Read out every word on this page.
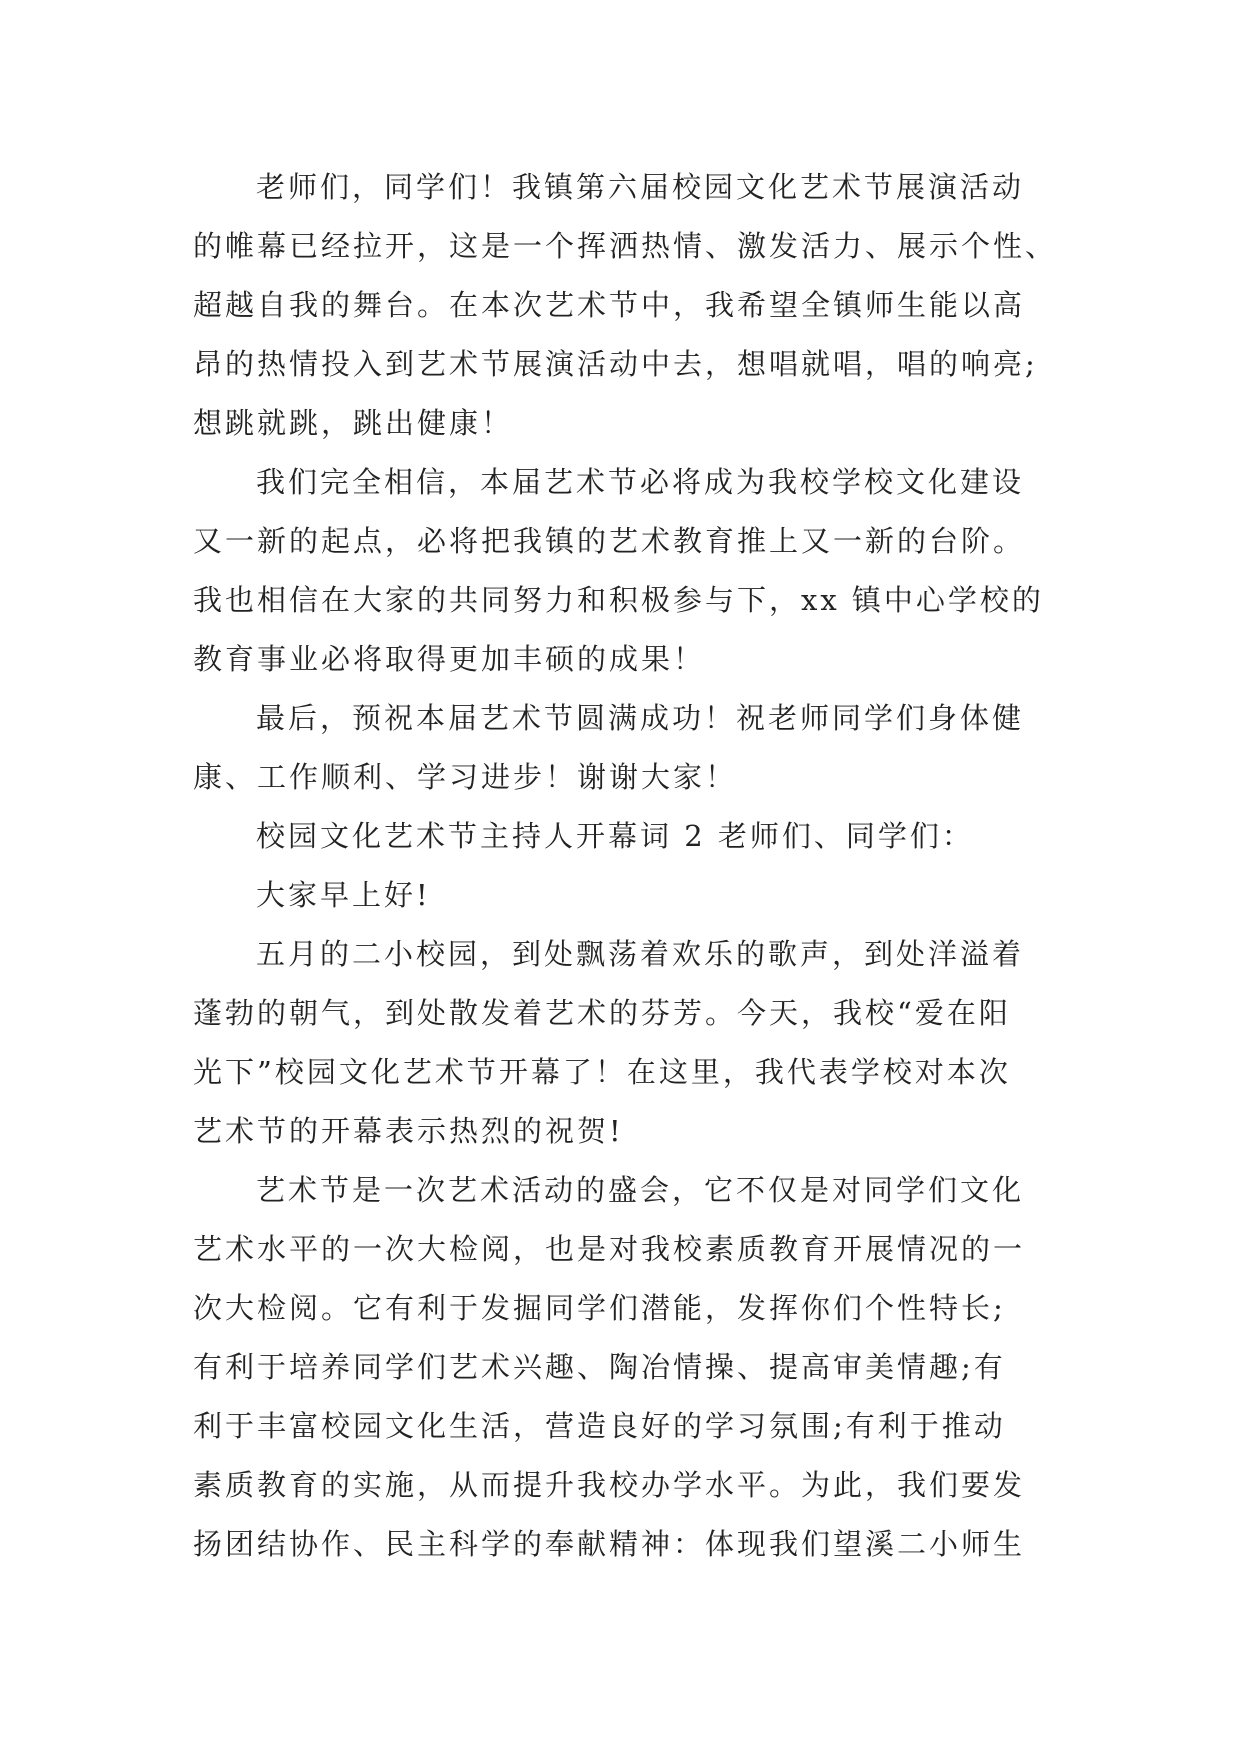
老师们，同学们！我镇第六届校园文化艺术节展演活动
的帷幕已经拉开，这是一个挥洒热情、激发活力、展示个性、
超越自我的舞台。在本次艺术节中，我希望全镇师生能以高
昂的热情投入到艺术节展演活动中去，想唱就唱，唱的响亮;
想跳就跳，跳出健康！
我们完全相信，本届艺术节必将成为我校学校文化建设
又一新的起点，必将把我镇的艺术教育推上又一新的台阶。
我也相信在大家的共同努力和积极参与下，xx 镇中心学校的
教育事业必将取得更加丰硕的成果！
最后，预祝本届艺术节圆满成功！祝老师同学们身体健
康、工作顺利、学习进步！谢谢大家！
校园文化艺术节主持人开幕词 2 老师们、同学们：
大家早上好!
五月的二小校园，到处飘荡着欢乐的歌声，到处洋溢着
蓬勃的朝气，到处散发着艺术的芬芳。今天，我校“爱在阳
光下”校园文化艺术节开幕了！在这里，我代表学校对本次
艺术节的开幕表示热烈的祝贺!
艺术节是一次艺术活动的盛会，它不仅是对同学们文化
艺术水平的一次大检阅，也是对我校素质教育开展情况的一
次大检阅。它有利于发掘同学们潜能，发挥你们个性特长;
有利于培养同学们艺术兴趣、陶冶情操、提高审美情趣;有
利于丰富校园文化生活，营造良好的学习氛围;有利于推动
素质教育的实施，从而提升我校办学水平。为此，我们要发
扬团结协作、民主科学的奉献精神：体现我们望溪二小师生
